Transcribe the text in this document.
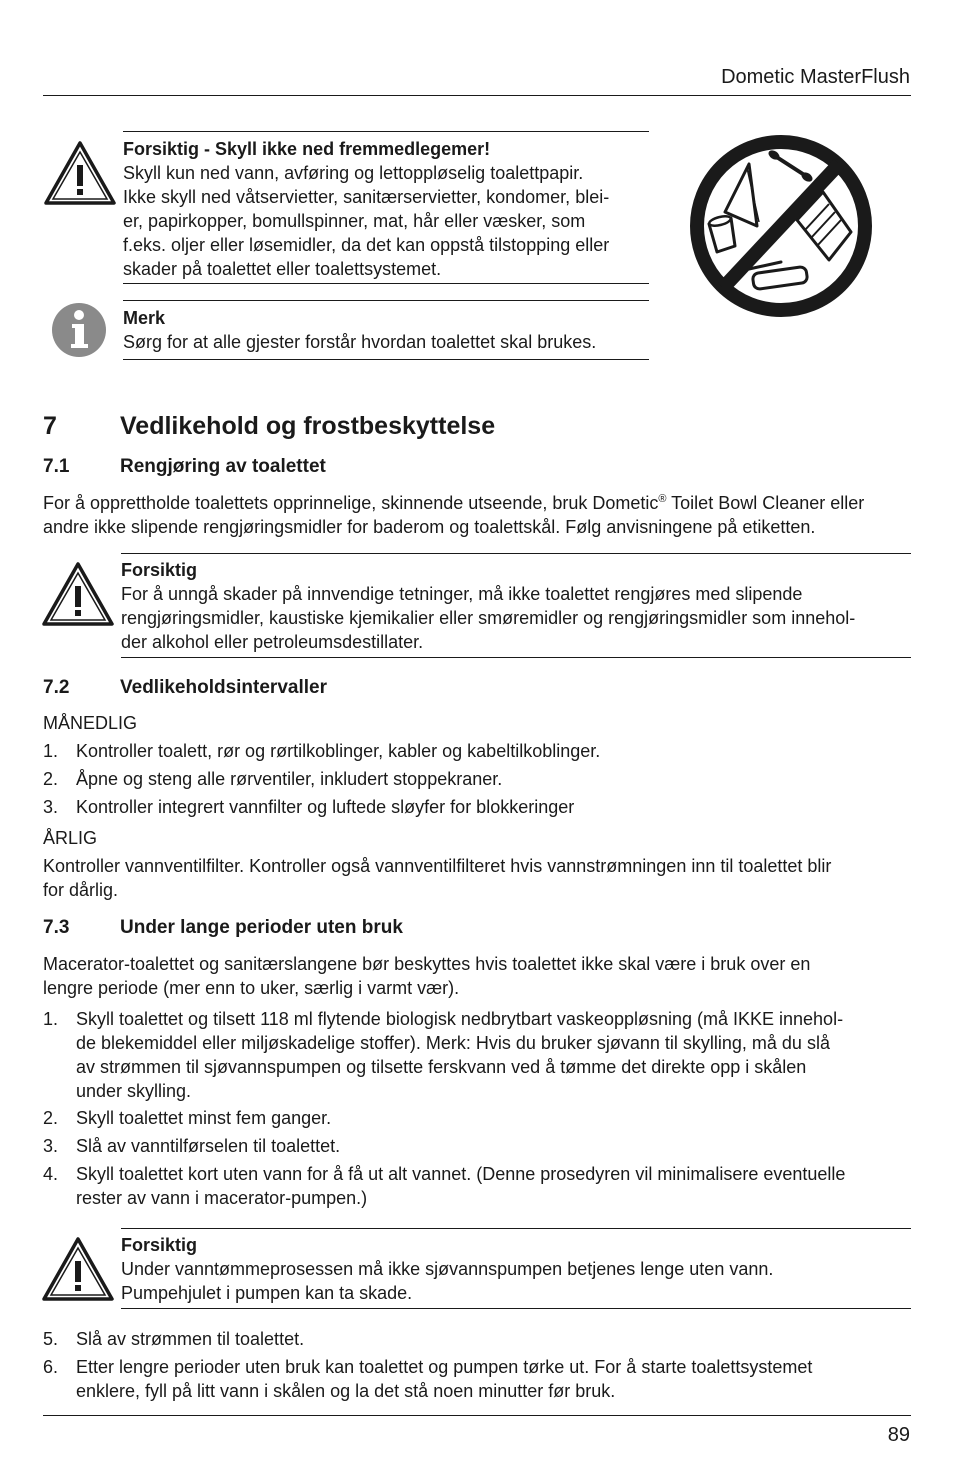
Dometic MasterFlush
Forsiktig - Skyll ikke ned fremmedlegemer!
Skyll kun ned vann, avføring og lettoppløselig toalettpapir.
Ikke skyll ned våtservietter, sanitærservietter, kondomer, blei-
er, papirkopper, bomullspinner, mat, hår eller væsker, som
f.eks. oljer eller løsemidler, da det kan oppstå tilstopping eller
skader på toalettet eller toalettsystemet.
Merk
Sørg for at alle gjester forstår hvordan toalettet skal brukes.
7	Vedlikehold og frostbeskyttelse
7.1	Rengjøring av toalettet
For å opprettholde toalettets opprinnelige, skinnende utseende, bruk Dometic® Toilet Bowl Cleaner eller
andre ikke slipende rengjøringsmidler for baderom og toalettskål. Følg anvisningene på etiketten.
Forsiktig
For å unngå skader på innvendige tetninger, må ikke toalettet rengjøres med slipende
rengjøringsmidler, kaustiske kjemikalier eller smøremidler og rengjøringsmidler som innehol-
der alkohol eller petroleumsdestillater.
7.2	Vedlikeholdsintervaller
MÅNEDLIG
1. Kontroller toalett, rør og rørtilkoblinger, kabler og kabeltilkoblinger.
2. Åpne og steng alle rørventiler, inkludert stoppekraner.
3. Kontroller integrert vannfilter og luftede sløyfer for blokkeringer
ÅRLIG
Kontroller vannventilfilter. Kontroller også vannventilfilteret hvis vannstrømningen inn til toalettet blir
for dårlig.
7.3	Under lange perioder uten bruk
Macerator-toalettet og sanitærslangene bør beskyttes hvis toalettet ikke skal være i bruk over en
lengre periode (mer enn to uker, særlig i varmt vær).
1. Skyll toalettet og tilsett 118 ml flytende biologisk nedbrytbart vaskeoppløsning (må IKKE innehol-
de blekemiddel eller miljøskadelige stoffer). Merk: Hvis du bruker sjøvann til skylling, må du slå
av strømmen til sjøvannspumpen og tilsette ferskvann ved å tømme det direkte opp i skålen
under skylling.
2. Skyll toalettet minst fem ganger.
3. Slå av vanntilførselen til toalettet.
4. Skyll toalettet kort uten vann for å få ut alt vannet. (Denne prosedyren vil minimalisere eventuelle
rester av vann i macerator-pumpen.)
Forsiktig
Under vanntømmeprosessen må ikke sjøvannspumpen betjenes lenge uten vann.
Pumpehjulet i pumpen kan ta skade.
5. Slå av strømmen til toalettet.
6. Etter lengre perioder uten bruk kan toalettet og pumpen tørke ut. For å starte toalettsystemet
enklere, fyll på litt vann i skålen og la det stå noen minutter før bruk.
89
